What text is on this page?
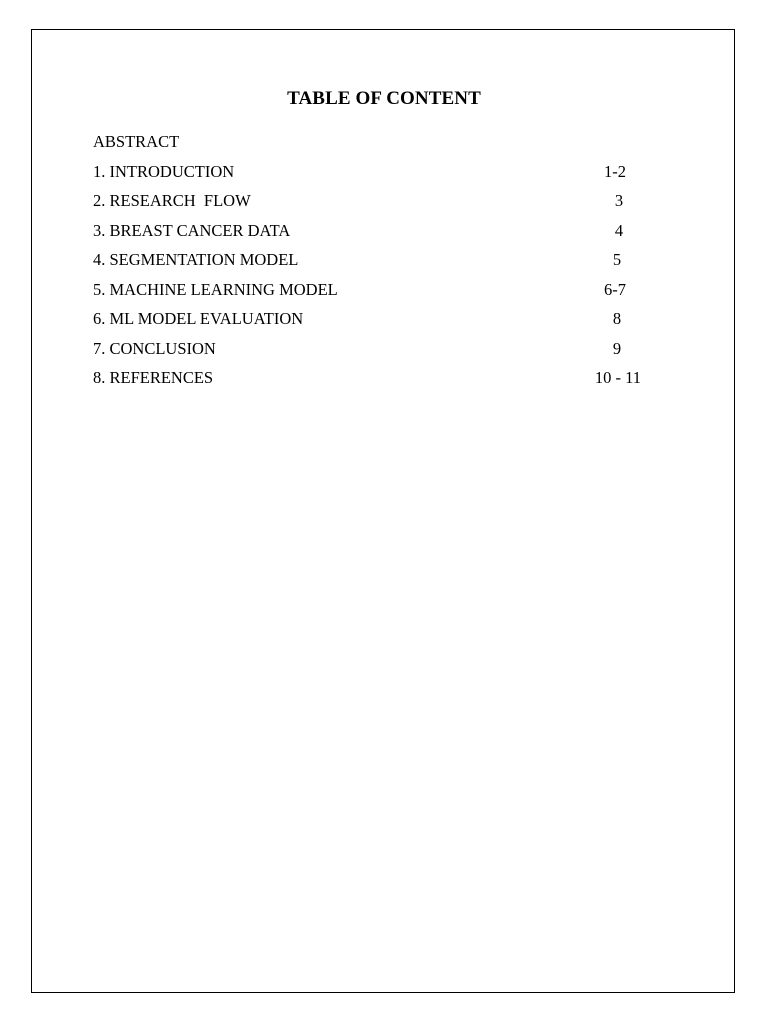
TABLE OF CONTENT
ABSTRACT
1. INTRODUCTION	1-2
2. RESEARCH  FLOW	3
3. BREAST CANCER DATA	4
4. SEGMENTATION MODEL	5
5. MACHINE LEARNING MODEL	6-7
6. ML MODEL EVALUATION	8
7. CONCLUSION	9
8. REFERENCES	10 - 11
